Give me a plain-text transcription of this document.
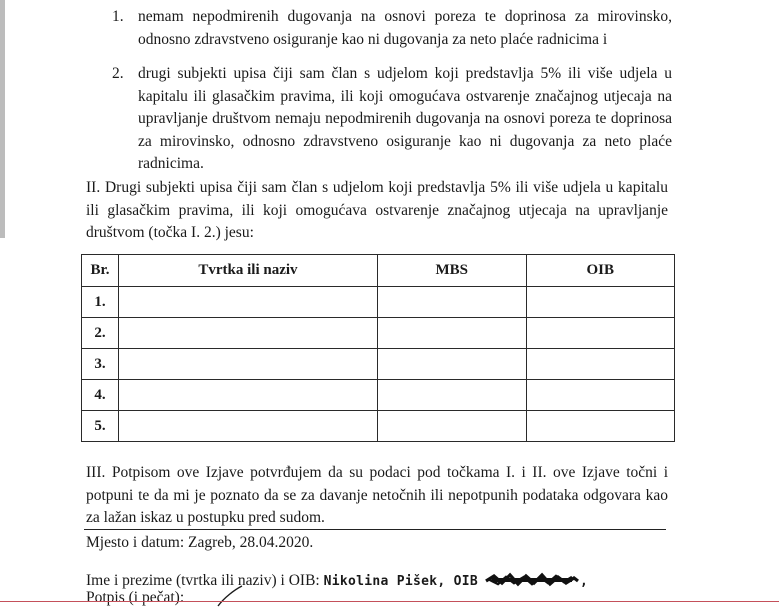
1. nemam nepodmirenih dugovanja na osnovi poreza te doprinosa za mirovinsko, odnosno zdravstveno osiguranje kao ni dugovanja za neto plaće radnicima i
2. drugi subjekti upisa čiji sam član s udjelom koji predstavlja 5% ili više udjela u kapitalu ili glasačkim pravima, ili koji omogućava ostvarenje značajnog utjecaja na upravljanje društvom nemaju nepodmirenih dugovanja na osnovi poreza te doprinosa za mirovinsko, odnosno zdravstveno osiguranje kao ni dugovanja za neto plaće radnicima.
II. Drugi subjekti upisa čiji sam član s udjelom koji predstavlja 5% ili više udjela u kapitalu ili glasačkim pravima, ili koji omogućava ostvarenje značajnog utjecaja na upravljanje društvom (točka I. 2.) jesu:
Br.	Tvrtka ili naziv	MBS	OIB
1.			
2.			
3.			
4.			
5.			
III. Potpisom ove Izjave potvrđujem da su podaci pod točkama I. i II. ove Izjave točni i potpuni te da mi je poznato da se za davanje netočnih ili nepotpunih podataka odgovara kao za lažan iskaz u postupku pred sudom.
Mjesto i datum: Zagreb, 28.04.2020.
Ime i prezime (tvrtka ili naziv) i OIB: Nikolina Pišek, OIB	,
Potpis (i pečat):
